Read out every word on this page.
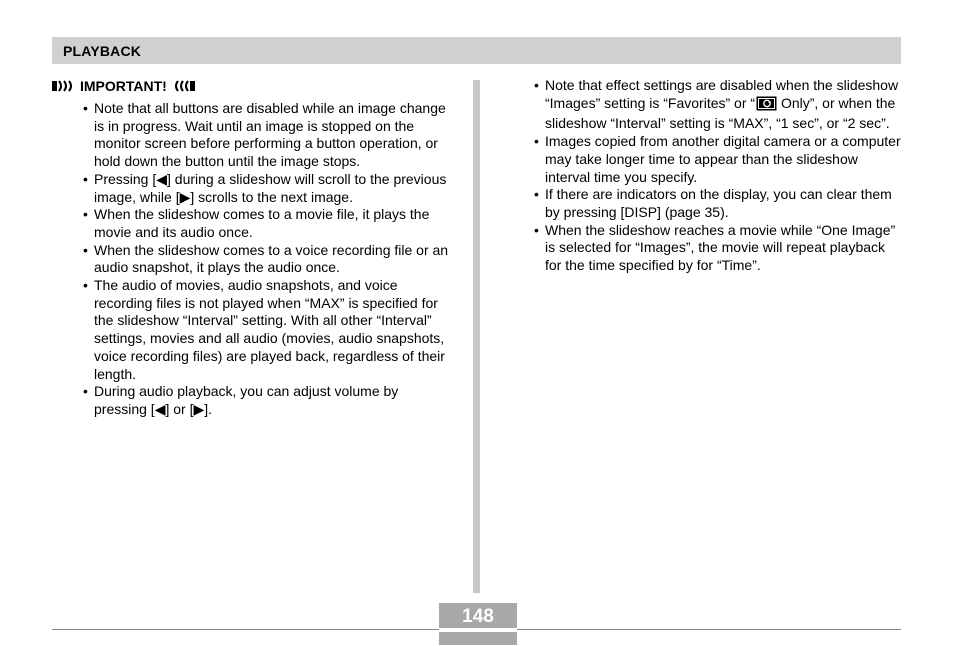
PLAYBACK
IMPORTANT!
• Note that all buttons are disabled while an image change is in progress. Wait until an image is stopped on the monitor screen before performing a button operation, or hold down the button until the image stops.
• Pressing [◀] during a slideshow will scroll to the previous image, while [▶] scrolls to the next image.
• When the slideshow comes to a movie file, it plays the movie and its audio once.
• When the slideshow comes to a voice recording file or an audio snapshot, it plays the audio once.
• The audio of movies, audio snapshots, and voice recording files is not played when “MAX” is specified for the slideshow “Interval” setting. With all other “Interval” settings, movies and all audio (movies, audio snapshots, voice recording files) are played back, regardless of their length.
• During audio playback, you can adjust volume by pressing [◀] or [▶].
• Note that effect settings are disabled when the slideshow “Images” setting is “Favorites” or “ Only”, or when the slideshow “Interval” setting is “MAX”, “1 sec”, or “2 sec”.
• Images copied from another digital camera or a computer may take longer time to appear than the slideshow interval time you specify.
• If there are indicators on the display, you can clear them by pressing [DISP] (page 35).
• When the slideshow reaches a movie while “One Image” is selected for “Images”, the movie will repeat playback for the time specified by for “Time”.
148
